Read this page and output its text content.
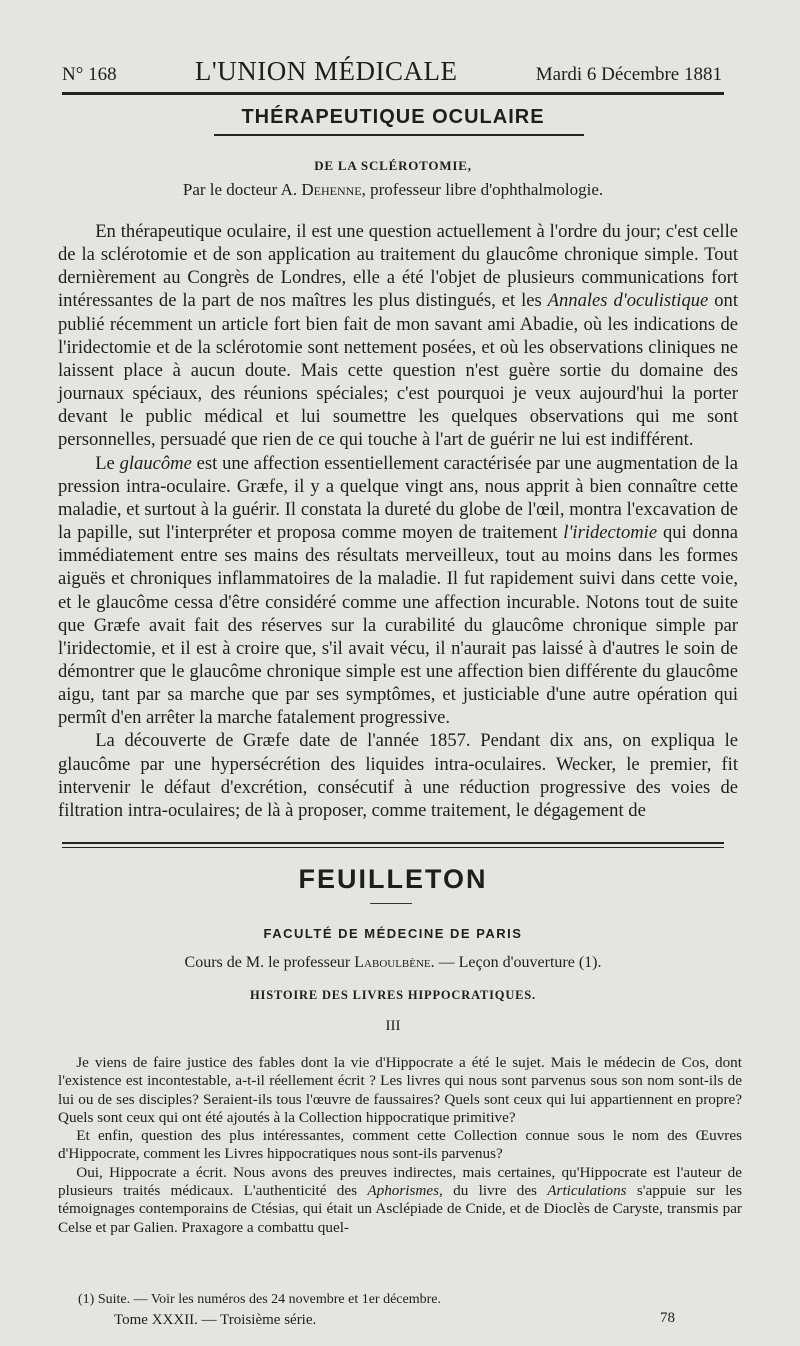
N° 168	L'UNION MÉDICALE	Mardi 6 Décembre 1881
THÉRAPEUTIQUE OCULAIRE
DE LA SCLÉROTOMIE,
Par le docteur A. Dehenne, professeur libre d'ophthalmologie.

En thérapeutique oculaire, il est une question actuellement à l'ordre du jour; c'est celle de la sclérotomie et de son application au traitement du glaucôme chronique simple. Tout dernièrement au Congrès de Londres, elle a été l'objet de plusieurs communications fort intéressantes de la part de nos maîtres les plus distingués, et les Annales d'oculistique ont publié récemment un article fort bien fait de mon savant ami Abadie, où les indications de l'iridectomie et de la sclérotomie sont nettement posées, et où les observations cliniques ne laissent place à aucun doute. Mais cette question n'est guère sortie du domaine des journaux spéciaux, des réunions spéciales; c'est pourquoi je veux aujourd'hui la porter devant le public médical et lui soumettre les quelques observations qui me sont personnelles, persuadé que rien de ce qui touche à l'art de guérir ne lui est indifférent.

Le glaucôme est une affection essentiellement caractérisée par une augmentation de la pression intra-oculaire. Græfe, il y a quelque vingt ans, nous apprit à bien connaître cette maladie, et surtout à la guérir. Il constata la dureté du globe de l'œil, montra l'excavation de la papille, sut l'interpréter et proposa comme moyen de traitement l'iridectomie qui donna immédiatement entre ses mains des résultats merveilleux, tout au moins dans les formes aiguës et chroniques inflammatoires de la maladie. Il fut rapidement suivi dans cette voie, et le glaucôme cessa d'être considéré comme une affection incurable. Notons tout de suite que Græfe avait fait des réserves sur la curabilité du glaucôme chronique simple par l'iridectomie, et il est à croire que, s'il avait vécu, il n'aurait pas laissé à d'autres le soin de démontrer que le glaucôme chronique simple est une affection bien différente du glaucôme aigu, tant par sa marche que par ses symptômes, et justiciable d'une autre opération qui permît d'en arrêter la marche fatalement progressive.

La découverte de Græfe date de l'année 1857. Pendant dix ans, on expliqua le glaucôme par une hypersécrétion des liquides intra-oculaires. Wecker, le premier, fit intervenir le défaut d'excrétion, consécutif à une réduction progressive des voies de filtration intra-oculaires; de là à proposer, comme traitement, le dégagement de

FEUILLETON
FACULTÉ DE MÉDECINE DE PARIS
Cours de M. le professeur Laboulbène. — Leçon d'ouverture (1).
HISTOIRE DES LIVRES HIPPOCRATIQUES.
III

Je viens de faire justice des fables dont la vie d'Hippocrate a été le sujet. Mais le médecin de Cos, dont l'existence est incontestable, a-t-il réellement écrit ? Les livres qui nous sont parvenus sous son nom sont-ils de lui ou de ses disciples? Seraient-ils tous l'œuvre de faussaires? Quels sont ceux qui lui appartiennent en propre? Quels sont ceux qui ont été ajoutés à la Collection hippocratique primitive?

Et enfin, question des plus intéressantes, comment cette Collection connue sous le nom des Œuvres d'Hippocrate, comment les Livres hippocratiques nous sont-ils parvenus?

Oui, Hippocrate a écrit. Nous avons des preuves indirectes, mais certaines, qu'Hippocrate est l'auteur de plusieurs traités médicaux. L'authenticité des Aphorismes, du livre des Articulations s'appuie sur les témoignages contemporains de Ctésias, qui était un Asclépiade de Cnide, et de Dioclès de Caryste, transmis par Celse et par Galien. Praxagore a combattu quel-

(1) Suite. — Voir les numéros des 24 novembre et 1er décembre.
Tome XXXII. — Troisième série.	78
